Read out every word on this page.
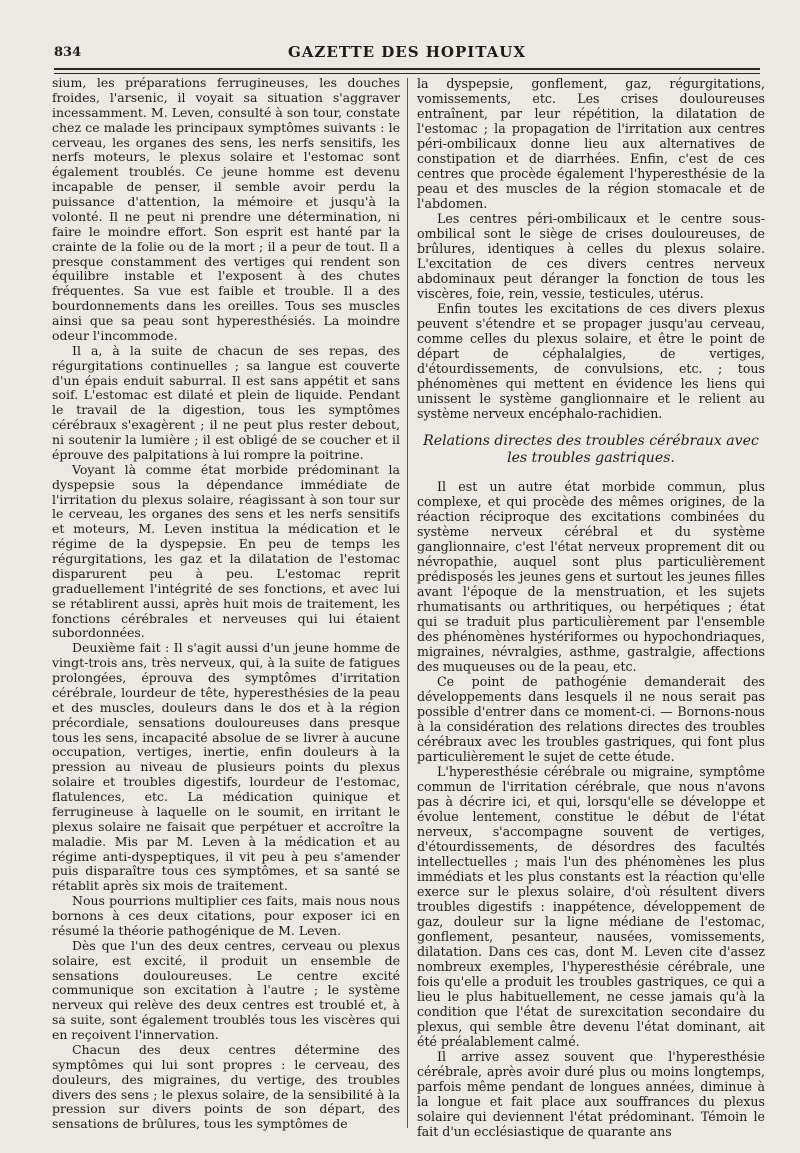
834	GAZETTE DES HOPITAUX

sium, les préparations ferrugineuses, les douches froides, l'arsenic, il voyait sa situation s'aggraver incessamment. M. Leven, consulté à son tour, constate chez ce malade les principaux symptômes suivants : le cerveau, les organes des sens, les nerfs sensitifs, les nerfs moteurs, le plexus solaire et l'estomac sont également troublés. Ce jeune homme est devenu incapable de penser, il semble avoir perdu la puissance d'attention, la mémoire et jusqu'à la volonté. Il ne peut ni prendre une détermination, ni faire le moindre effort. Son esprit est hanté par la crainte de la folie ou de la mort ; il a peur de tout. Il a presque constamment des vertiges qui rendent son équilibre instable et l'exposent à des chutes fréquentes. Sa vue est faible et trouble. Il a des bourdonnements dans les oreilles. Tous ses muscles ainsi que sa peau sont hyperesthésiés. La moindre odeur l'incommode.

Il a, à la suite de chacun de ses repas, des régurgitations continuelles ; sa langue est couverte d'un épais enduit saburral. Il est sans appétit et sans soif. L'estomac est dilaté et plein de liquide. Pendant le travail de la digestion, tous les symptômes cérébraux s'exagèrent ; il ne peut plus rester debout, ni soutenir la lumière ; il est obligé de se coucher et il éprouve des palpitations à lui rompre la poitrine.

Voyant là comme état morbide prédominant la dyspepsie sous la dépendance immédiate de l'irritation du plexus solaire, réagissant à son tour sur le cerveau, les organes des sens et les nerfs sensitifs et moteurs, M. Leven institua la médication et le régime de la dyspepsie. En peu de temps les régurgitations, les gaz et la dilatation de l'estomac disparurent peu à peu. L'estomac reprit graduellement l'intégrité de ses fonctions, et avec lui se rétablirent aussi, après huit mois de traitement, les fonctions cérébrales et nerveuses qui lui étaient subordonnées.

Deuxième fait : Il s'agit aussi d'un jeune homme de vingt-trois ans, très nerveux, qui, à la suite de fatigues prolongées, éprouva des symptômes d'irritation cérébrale, lourdeur de tête, hyperesthésies de la peau et des muscles, douleurs dans le dos et à la région précordiale, sensations douloureuses dans presque tous les sens, incapacité absolue de se livrer à aucune occupation, vertiges, inertie, enfin douleurs à la pression au niveau de plusieurs points du plexus solaire et troubles digestifs, lourdeur de l'estomac, flatulences, etc. La médication quinique et ferrugineuse à laquelle on le soumit, en irritant le plexus solaire ne faisait que perpétuer et accroître la maladie. Mis par M. Leven à la médication et au régime anti-dyspeptiques, il vit peu à peu s'amender puis disparaître tous ces symptômes, et sa santé se rétablit après six mois de traitement.

Nous pourrions multiplier ces faits, mais nous nous bornons à ces deux citations, pour exposer ici en résumé la théorie pathogénique de M. Leven.

Dès que l'un des deux centres, cerveau ou plexus solaire, est excité, il produit un ensemble de sensations douloureuses. Le centre excité communique son excitation à l'autre ; le système nerveux qui relève des deux centres est troublé et, à sa suite, sont également troublés tous les viscères qui en reçoivent l'innervation.

Chacun des deux centres détermine des symptômes qui lui sont propres : le cerveau, des douleurs, des migraines, du vertige, des troubles divers des sens ; le plexus solaire, de la sensibilité à la pression sur divers points de son départ, des sensations de brûlures, tous les symptômes de

la dyspepsie, gonflement, gaz, régurgitations, vomissements, etc. Les crises douloureuses entraînent, par leur répétition, la dilatation de l'estomac ; la propagation de l'irritation aux centres péri-ombilicaux donne lieu aux alternatives de constipation et de diarrhées. Enfin, c'est de ces centres que procède également l'hyperesthésie de la peau et des muscles de la région stomacale et de l'abdomen.

Les centres péri-ombilicaux et le centre sous-ombilical sont le siège de crises douloureuses, de brûlures, identiques à celles du plexus solaire. L'excitation de ces divers centres nerveux abdominaux peut déranger la fonction de tous les viscères, foie, rein, vessie, testicules, utérus.

Enfin toutes les excitations de ces divers plexus peuvent s'étendre et se propager jusqu'au cerveau, comme celles du plexus solaire, et être le point de départ de céphalalgies, de vertiges, d'étourdissements, de convulsions, etc. ; tous phénomènes qui mettent en évidence les liens qui unissent le système ganglionnaire et le relient au système nerveux encéphalo-rachidien.

Relations directes des troubles cérébraux avec les troubles gastriques.

Il est un autre état morbide commun, plus complexe, et qui procède des mêmes origines, de la réaction réciproque des excitations combinées du système nerveux cérébral et du système ganglionnaire, c'est l'état nerveux proprement dit ou névropathie, auquel sont plus particulièrement prédisposés les jeunes gens et surtout les jeunes filles avant l'époque de la menstruation, et les sujets rhumatisants ou arthritiques, ou herpétiques ; état qui se traduit plus particulièrement par l'ensemble des phénomènes hystériformes ou hypochondriaques, migraines, névralgies, asthme, gastralgie, affections des muqueuses ou de la peau, etc.

Ce point de pathogénie demanderait des développements dans lesquels il ne nous serait pas possible d'entrer dans ce moment-ci. — Bornons-nous à la considération des relations directes des troubles cérébraux avec les troubles gastriques, qui font plus particulièrement le sujet de cette étude.

L'hyperesthésie cérébrale ou migraine, symptôme commun de l'irritation cérébrale, que nous n'avons pas à décrire ici, et qui, lorsqu'elle se développe et évolue lentement, constitue le début de l'état nerveux, s'accompagne souvent de vertiges, d'étourdissements, de désordres des facultés intellectuelles ; mais l'un des phénomènes les plus immédiats et les plus constants est la réaction qu'elle exerce sur le plexus solaire, d'où résultent divers troubles digestifs : inappétence, développement de gaz, douleur sur la ligne médiane de l'estomac, gonflement, pesanteur, nausées, vomissements, dilatation. Dans ces cas, dont M. Leven cite d'assez nombreux exemples, l'hyperesthésie cérébrale, une fois qu'elle a produit les troubles gastriques, ce qui a lieu le plus habituellement, ne cesse jamais qu'à la condition que l'état de surexcitation secondaire du plexus, qui semble être devenu l'état dominant, ait été préalablement calmé.

Il arrive assez souvent que l'hyperesthésie cérébrale, après avoir duré plus ou moins longtemps, parfois même pendant de longues années, diminue à la longue et fait place aux souffrances du plexus solaire qui deviennent l'état prédominant. Témoin le fait d'un ecclésiastique de quarante ans
